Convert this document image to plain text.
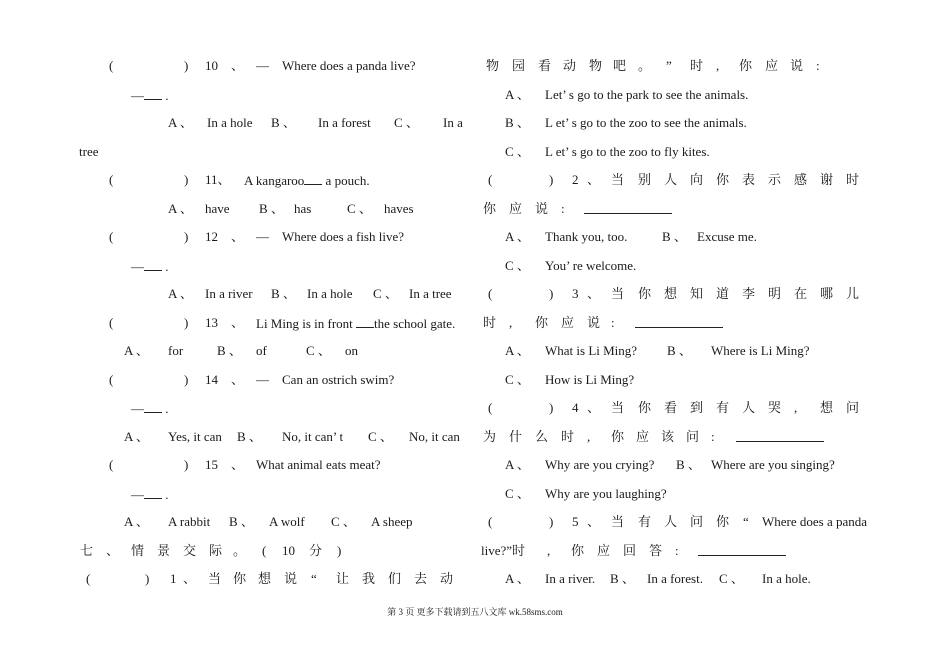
(	) 10 、 — Where does a panda live?
— .
A 、 In a hole B 、 In a forest C 、 In a
tree
(	) 11、 A kangaroo a pouch.
A 、 have B 、 has	C 、 haves
(	) 12 、 — Where does a fish live?
— .
A 、 In a river B 、 In a hole C 、 In a tree
(	) 13 、 Li Ming is in front the school gate.
A 、 for	B 、 of	C 、 on
(	) 14 、 — Can an ostrich swim?
— .
A 、 Yes, it can B 、 No, it can’ t C 、 No, it can
(	) 15 、 What animal eats meat?
— .
A 、 A rabbit B 、 A wolf C 、 A sheep
七 、 情 景 交 际 。 ( 10 分 )
(	) 1 、 当 你 想 说 “ 让 我 们 去 动
物 园 看 动 物 吧 。 ” 时 , 你 应 说 :
A 、 Let’ s go to the park to see the animals.
B 、 L et’ s go to the zoo to see the animals.
C 、 L et’ s go to the zoo to fly kites.
(	) 2 、 当 别 人 向 你 表 示 感 谢 时
你 应 说 :
A 、 Thank you, too.	B 、 Excuse me.
C 、 You’ re welcome.
(	) 3 、 当 你 想 知 道 李 明 在 哪 儿
时 , 你 应 说 :
A 、 What is Li Ming? B 、 Where is Li Ming?
C 、 How is Li Ming?
(	) 4 、 当 你 看 到 有 人 哭 , 想 问
为 什 么 时 , 你 应 该 问 :
A 、 Why are you crying? B 、 Where are you singing?
C 、 Why are you laughing?
(	) 5 、 当 有 人 问 你 “ Where does a panda
live?”时 , 你 应 回 答 :
A 、 In a river. B 、 In a forest. C 、 In a hole.
第 3 页 更多下载请到五八文库 wk.58sms.com
